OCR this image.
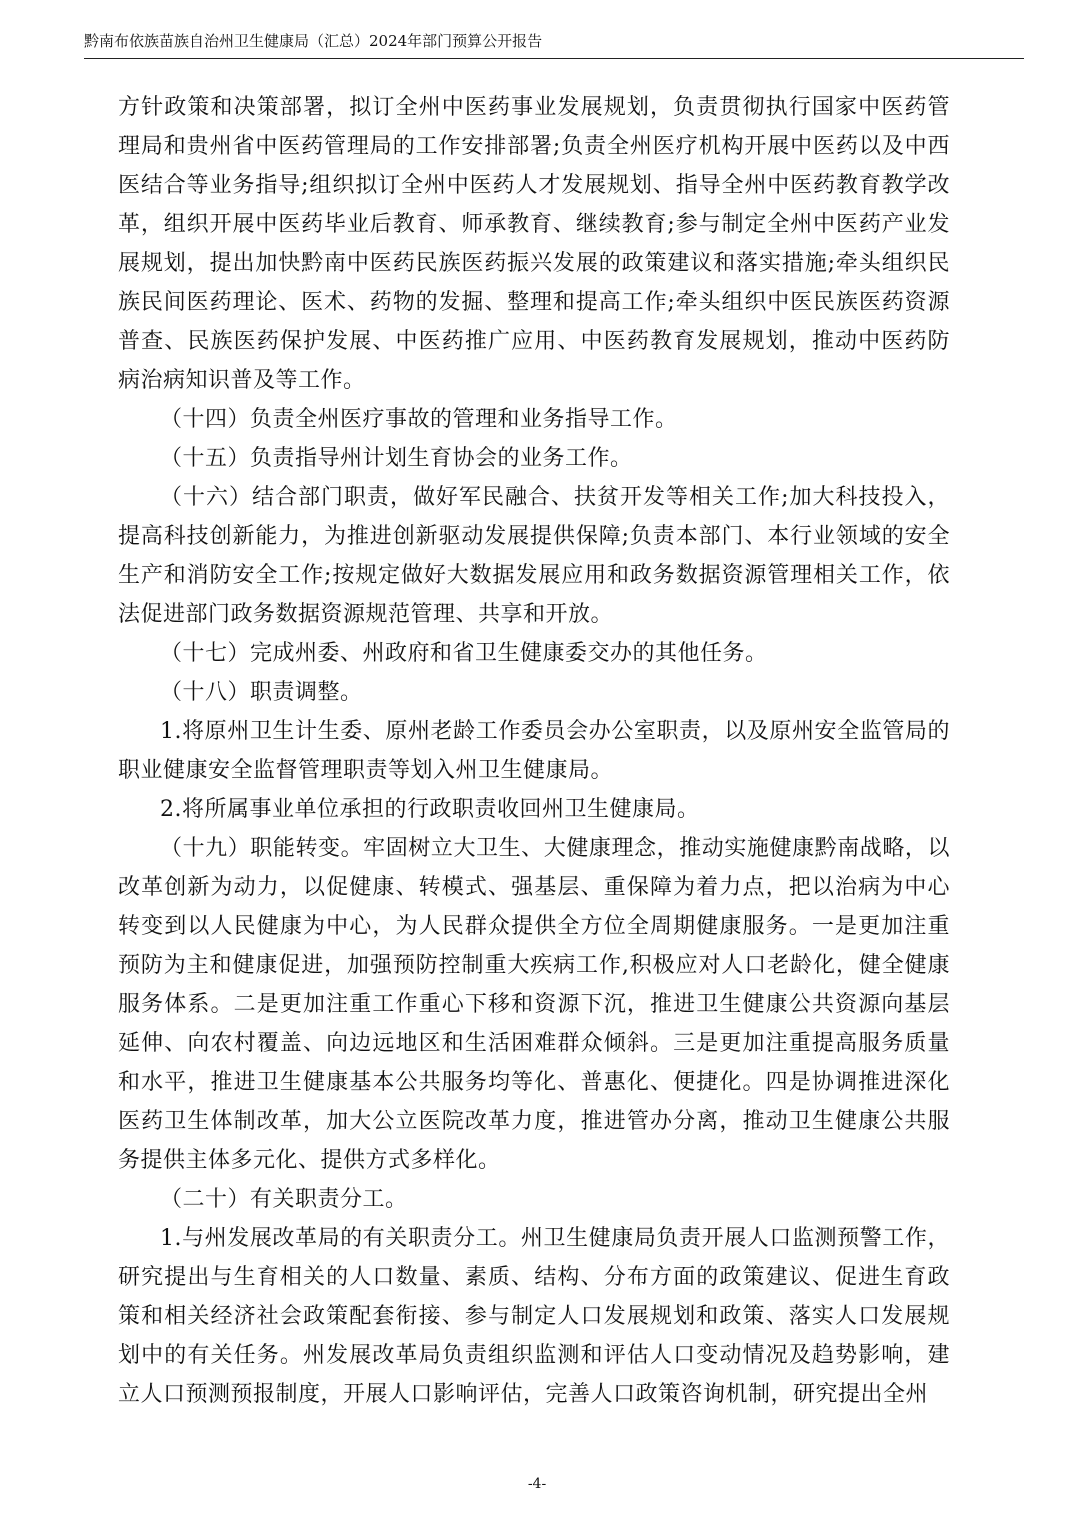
黔南布依族苗族自治州卫生健康局（汇总）2024年部门预算公开报告

方针政策和决策部署，拟订全州中医药事业发展规划，负责贯彻执行国家中医药管理局和贵州省中医药管理局的工作安排部署;负责全州医疗机构开展中医药以及中西医结合等业务指导;组织拟订全州中医药人才发展规划、指导全州中医药教育教学改革，组织开展中医药毕业后教育、师承教育、继续教育;参与制定全州中医药产业发展规划，提出加快黔南中医药民族医药振兴发展的政策建议和落实措施;牵头组织民族民间医药理论、医术、药物的发掘、整理和提高工作;牵头组织中医民族医药资源普查、民族医药保护发展、中医药推广应用、中医药教育发展规划，推动中医药防病治病知识普及等工作。

（十四）负责全州医疗事故的管理和业务指导工作。

（十五）负责指导州计划生育协会的业务工作。

（十六）结合部门职责，做好军民融合、扶贫开发等相关工作;加大科技投入，提高科技创新能力，为推进创新驱动发展提供保障;负责本部门、本行业领域的安全生产和消防安全工作;按规定做好大数据发展应用和政务数据资源管理相关工作，依法促进部门政务数据资源规范管理、共享和开放。

（十七）完成州委、州政府和省卫生健康委交办的其他任务。

（十八）职责调整。

1.将原州卫生计生委、原州老龄工作委员会办公室职责，以及原州安全监管局的职业健康安全监督管理职责等划入州卫生健康局。

2.将所属事业单位承担的行政职责收回州卫生健康局。

（十九）职能转变。牢固树立大卫生、大健康理念，推动实施健康黔南战略，以改革创新为动力，以促健康、转模式、强基层、重保障为着力点，把以治病为中心转变到以人民健康为中心，为人民群众提供全方位全周期健康服务。一是更加注重预防为主和健康促进，加强预防控制重大疾病工作,积极应对人口老龄化，健全健康服务体系。二是更加注重工作重心下移和资源下沉，推进卫生健康公共资源向基层延伸、向农村覆盖、向边远地区和生活困难群众倾斜。三是更加注重提高服务质量和水平，推进卫生健康基本公共服务均等化、普惠化、便捷化。四是协调推进深化医药卫生体制改革，加大公立医院改革力度，推进管办分离，推动卫生健康公共服务提供主体多元化、提供方式多样化。

（二十）有关职责分工。

1.与州发展改革局的有关职责分工。州卫生健康局负责开展人口监测预警工作，研究提出与生育相关的人口数量、素质、结构、分布方面的政策建议、促进生育政策和相关经济社会政策配套衔接、参与制定人口发展规划和政策、落实人口发展规划中的有关任务。州发展改革局负责组织监测和评估人口变动情况及趋势影响，建立人口预测预报制度，开展人口影响评估，完善人口政策咨询机制，研究提出全州

-4-
